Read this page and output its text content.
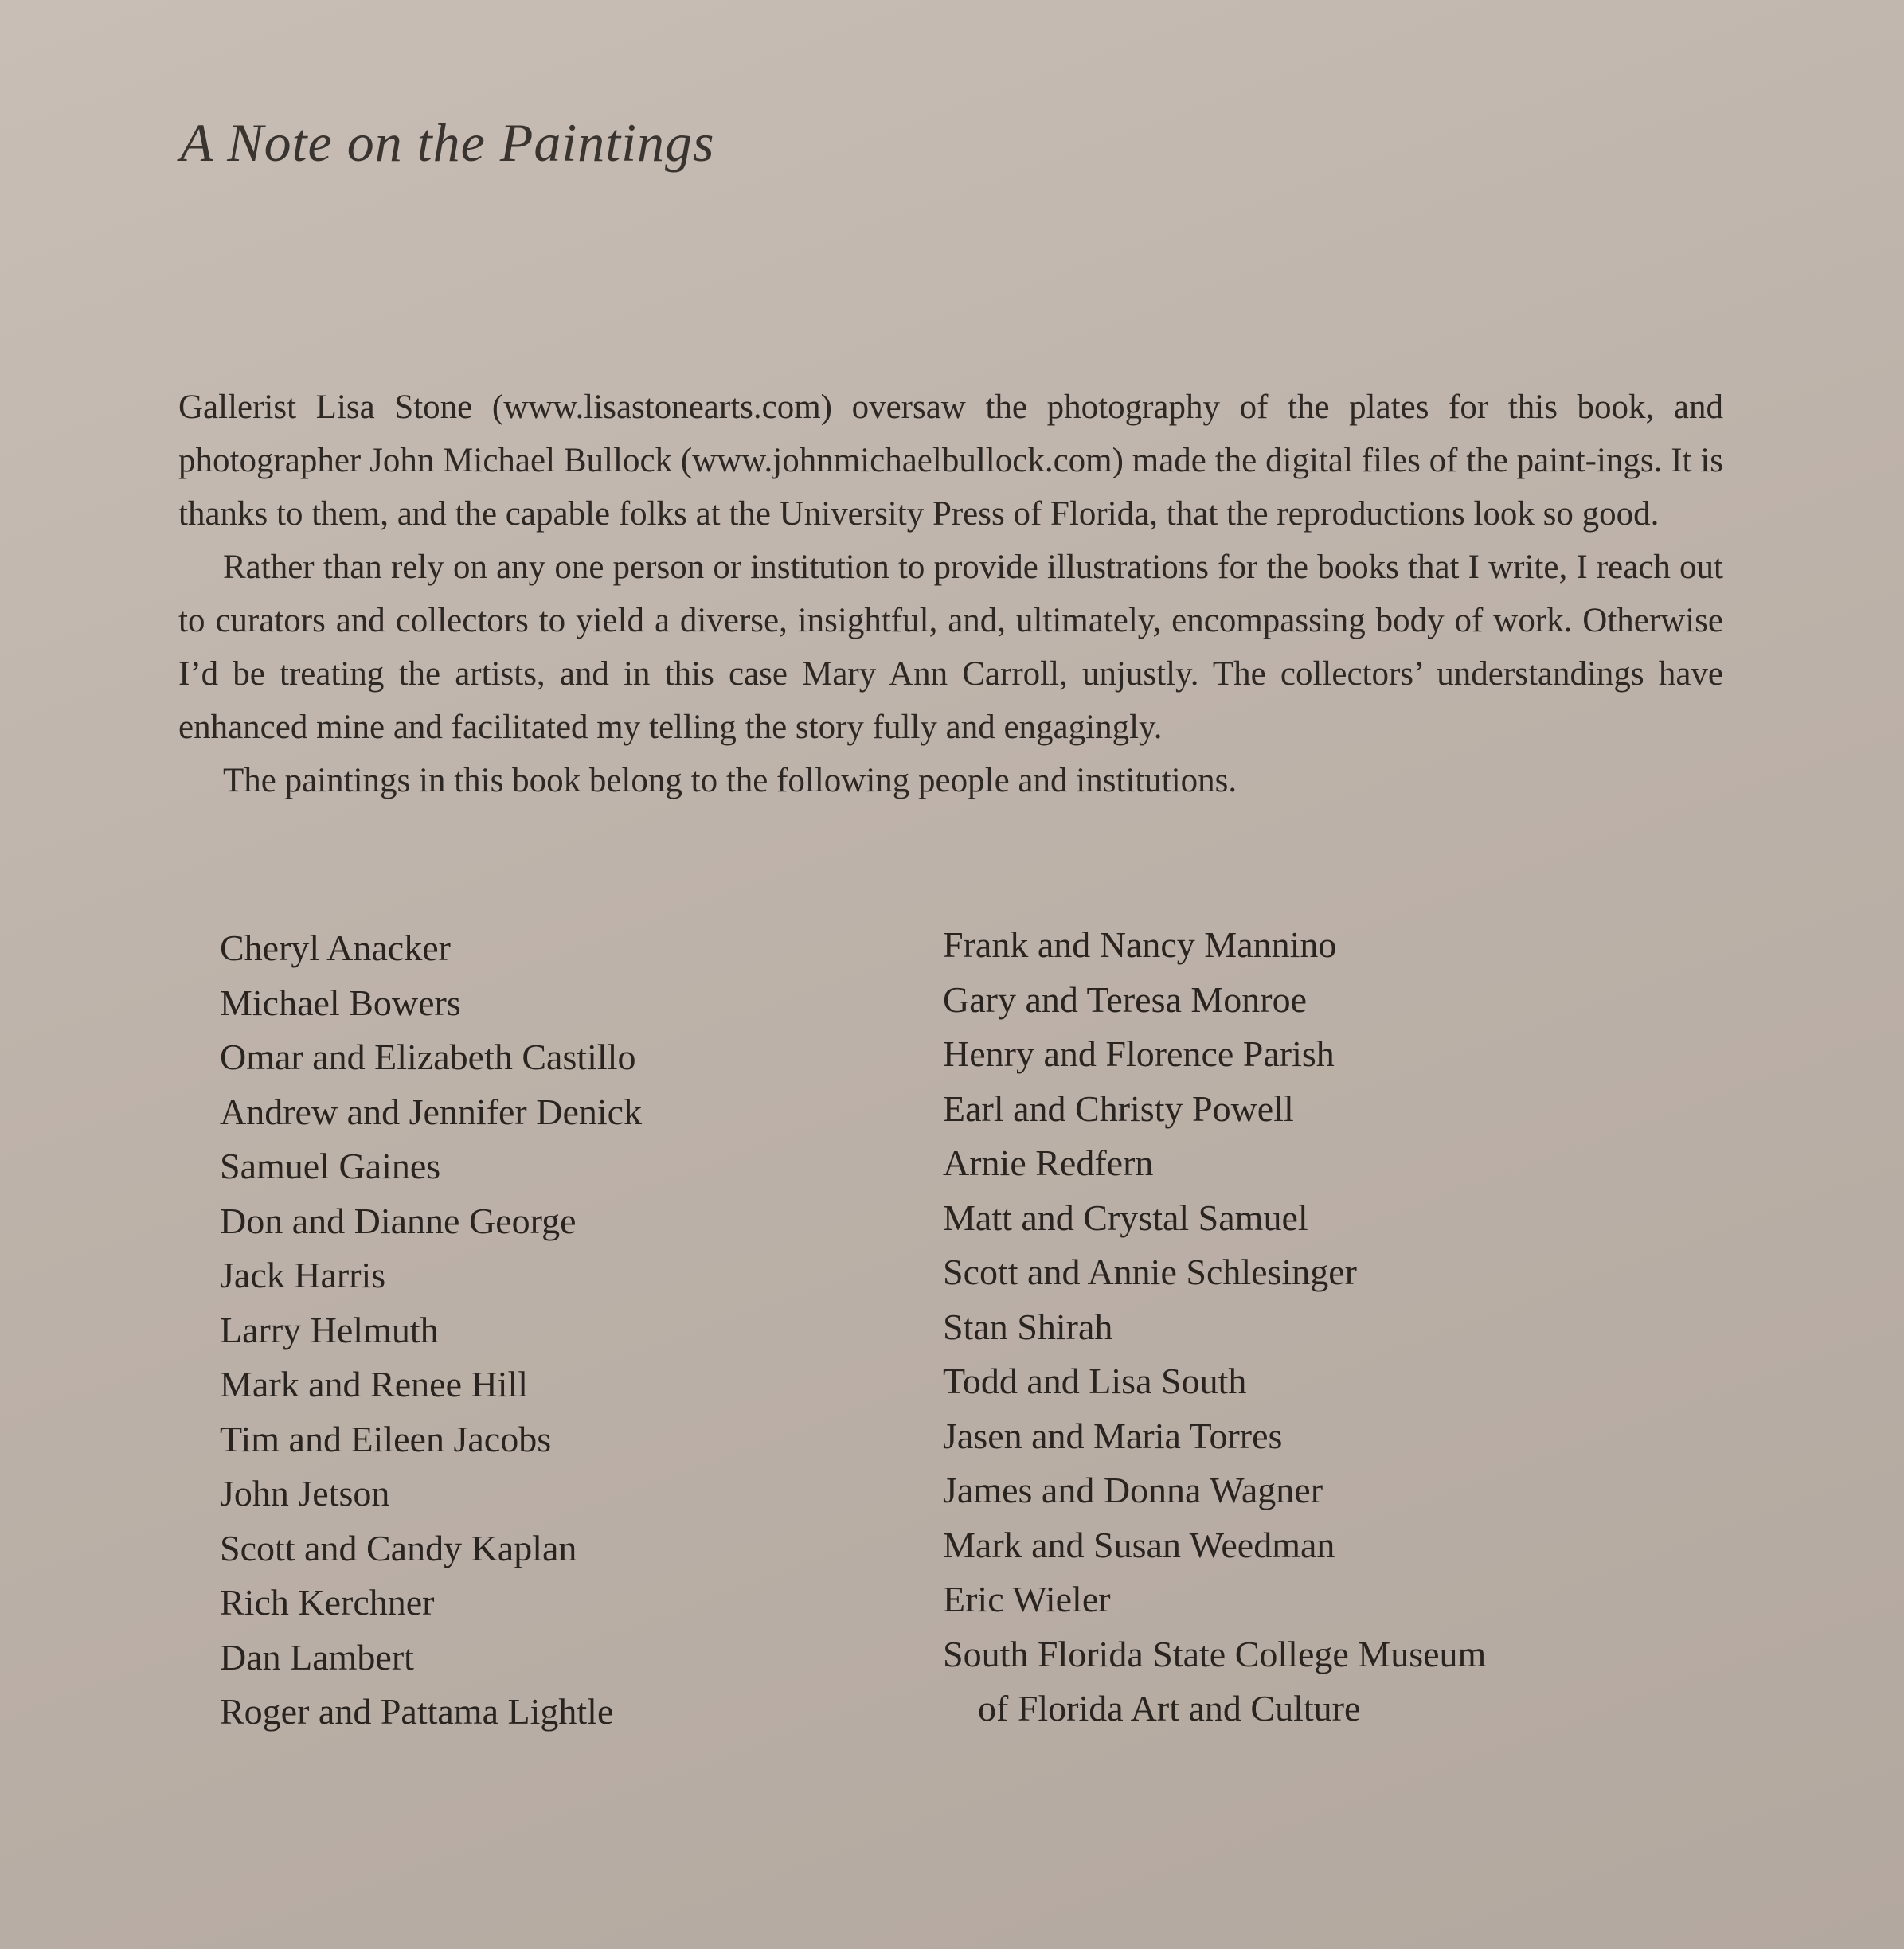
A Note on the Paintings

Gallerist Lisa Stone (www.lisastonearts.com) oversaw the photography of the plates for this book, and photographer John Michael Bullock (www.johnmichaelbullock.com) made the digital files of the paint-ings. It is thanks to them, and the capable folks at the University Press of Florida, that the reproductions look so good.

Rather than rely on any one person or institution to provide illustrations for the books that I write, I reach out to curators and collectors to yield a diverse, insightful, and, ultimately, encompassing body of work. Otherwise I’d be treating the artists, and in this case Mary Ann Carroll, unjustly. The collectors’ understandings have enhanced mine and facilitated my telling the story fully and engagingly.

The paintings in this book belong to the following people and institutions.

Cheryl Anacker
Michael Bowers
Omar and Elizabeth Castillo
Andrew and Jennifer Denick
Samuel Gaines
Don and Dianne George
Jack Harris
Larry Helmuth
Mark and Renee Hill
Tim and Eileen Jacobs
John Jetson
Scott and Candy Kaplan
Rich Kerchner
Dan Lambert
Roger and Pattama Lightle
Frank and Nancy Mannino
Gary and Teresa Monroe
Henry and Florence Parish
Earl and Christy Powell
Arnie Redfern
Matt and Crystal Samuel
Scott and Annie Schlesinger
Stan Shirah
Todd and Lisa South
Jasen and Maria Torres
James and Donna Wagner
Mark and Susan Weedman
Eric Wieler
South Florida State College Museum
of Florida Art and Culture
